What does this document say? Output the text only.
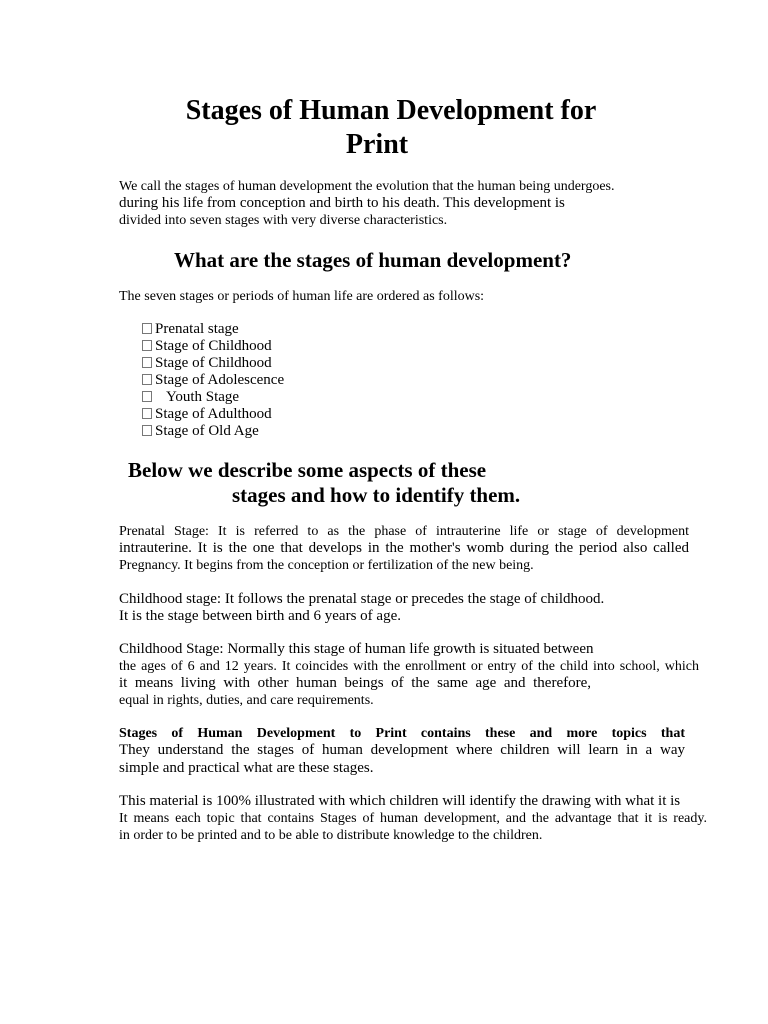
Stages of Human Development for
Print

We call the stages of human development the evolution that the human being undergoes.

during his life from conception and birth to his death. This development is

divided into seven stages with very diverse characteristics.

What are the stages of human development?

The seven stages or periods of human life are ordered as follows:

Prenatal stage
Stage of Childhood
Stage of Childhood
Stage of Adolescence
Youth Stage
Stage of Adulthood
Stage of Old Age
Below we describe some aspects of these
stages and how to identify them.

Prenatal Stage: It is referred to as the phase of intrauterine life or stage of development

intrauterine. It is the one that develops in the mother's womb during the period also called

Pregnancy. It begins from the conception or fertilization of the new being.

Childhood stage: It follows the prenatal stage or precedes the stage of childhood.

It is the stage between birth and 6 years of age.

Childhood Stage: Normally this stage of human life growth is situated between

the ages of 6 and 12 years. It coincides with the enrollment or entry of the child into school, which

it means living with other human beings of the same age and therefore,

equal in rights, duties, and care requirements.

Stages of Human Development to Print contains these and more topics that

They understand the stages of human development where children will learn in a way

simple and practical what are these stages.

This material is 100% illustrated with which children will identify the drawing with what it is

It means each topic that contains Stages of human development, and the advantage that it is ready.

in order to be printed and to be able to distribute knowledge to the children.
